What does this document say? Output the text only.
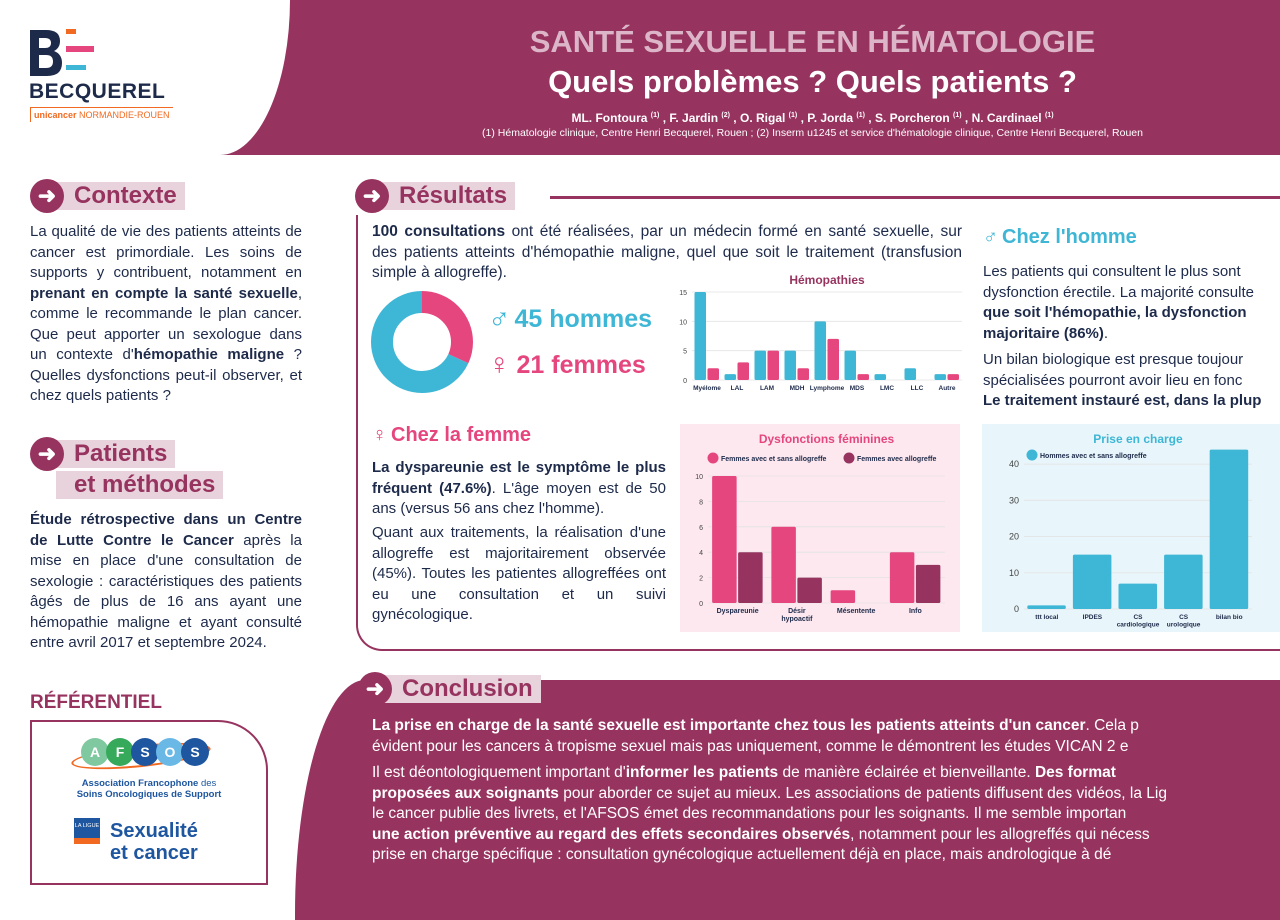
BECQUEREL
unicancer NORMANDIE-ROUEN
SANTÉ SEXUELLE EN HÉMATOLOGIE
Quels problèmes ? Quels patients ?
ML. Fontoura $^{(1)}$ , F. Jardin $^{(2)}$ , O. Rigal $^{(1)}$ , P. Jorda $^{(1)}$ , S. Porcheron $^{(1)}$ , N. Cardinael $^{(1)}$
(1) Hématologie clinique, Centre Henri Becquerel, Rouen ; (2) Inserm u1245 et service d'hématologie clinique, Centre Henri Becquerel, Rouen
➜ Contexte
La qualité de vie des patients atteints de cancer est primordiale. Les soins de supports y contribuent, notamment en prenant en compte la santé sexuelle, comme le recommande le plan cancer. Que peut apporter un sexologue dans un contexte d'hémopathie maligne ? Quelles dysfonctions peut-il observer, et chez quels patients ?
➜ Patients
et méthodes
Étude rétrospective dans un Centre de Lutte Contre le Cancer après la mise en place d'une consultation de sexologie : caractéristiques des patients âgés de plus de 16 ans ayant une hémopathie maligne et ayant consulté entre avril 2017 et septembre 2024.
RÉFÉRENTIEL
A	F	S	O	S
Association Francophone des
Soins Oncologiques de Support
LA LIGUE Sexualité
et cancer
➜ Résultats
100 consultations ont été réalisées, par un médecin formé en santé sexuelle, sur des patients atteints d'hémopathie maligne, quel que soit le traitement (transfusion simple à allogreffe).
♂ 45 hommes
♀ 21 femmes
Hémopathies
0
5
10
15
Myélome LAL	LAM MDH Lymphome MDS LMC	LLC Autre
♀ Chez la femme
La dyspareunie est le symptôme le plus fréquent (47.6%). L'âge moyen est de 50 ans (versus 56 ans chez l'homme).
Quant aux traitements, la réalisation d'une allogreffe est majoritairement observée (45%). Toutes les patientes allogreffées ont eu une consultation et un suivi gynécologique.
Dysfonctions féminines
0
2
4
6
8
10
Dyspareunie	Désir hypoactif
Mésentente	Info
Femmes avec et sans allogreffe	Femmes avec allogreffe
Prise en charge
0
10
20
30
40
ttt local	IPDES	CS cardiologique
CS urologique
bilan bio
Hommes avec et sans allogreffe
♂ Chez l'homme
Les patients qui consultent le plus sont
dysfonction érectile. La majorité consulte
que soit l'hémopathie, la dysfonction
majoritaire (86%).
Un bilan biologique est presque toujour
spécialisées pourront avoir lieu en fonc
Le traitement instauré est, dans la plup
➜ Conclusion
La prise en charge de la santé sexuelle est importante chez tous les patients atteints d'un cancer. Cela p
évident pour les cancers à tropisme sexuel mais pas uniquement, comme le démontrent les études VICAN 2 e
Il est déontologiquement important d'informer les patients de manière éclairée et bienveillante. Des format
proposées aux soignants pour aborder ce sujet au mieux. Les associations de patients diffusent des vidéos, la Lig
le cancer publie des livrets, et l'AFSOS émet des recommandations pour les soignants. Il me semble importan
une action préventive au regard des effets secondaires observés, notamment pour les allogreffés qui nécess
prise en charge spécifique : consultation gynécologique actuellement déjà en place, mais andrologique à dé
